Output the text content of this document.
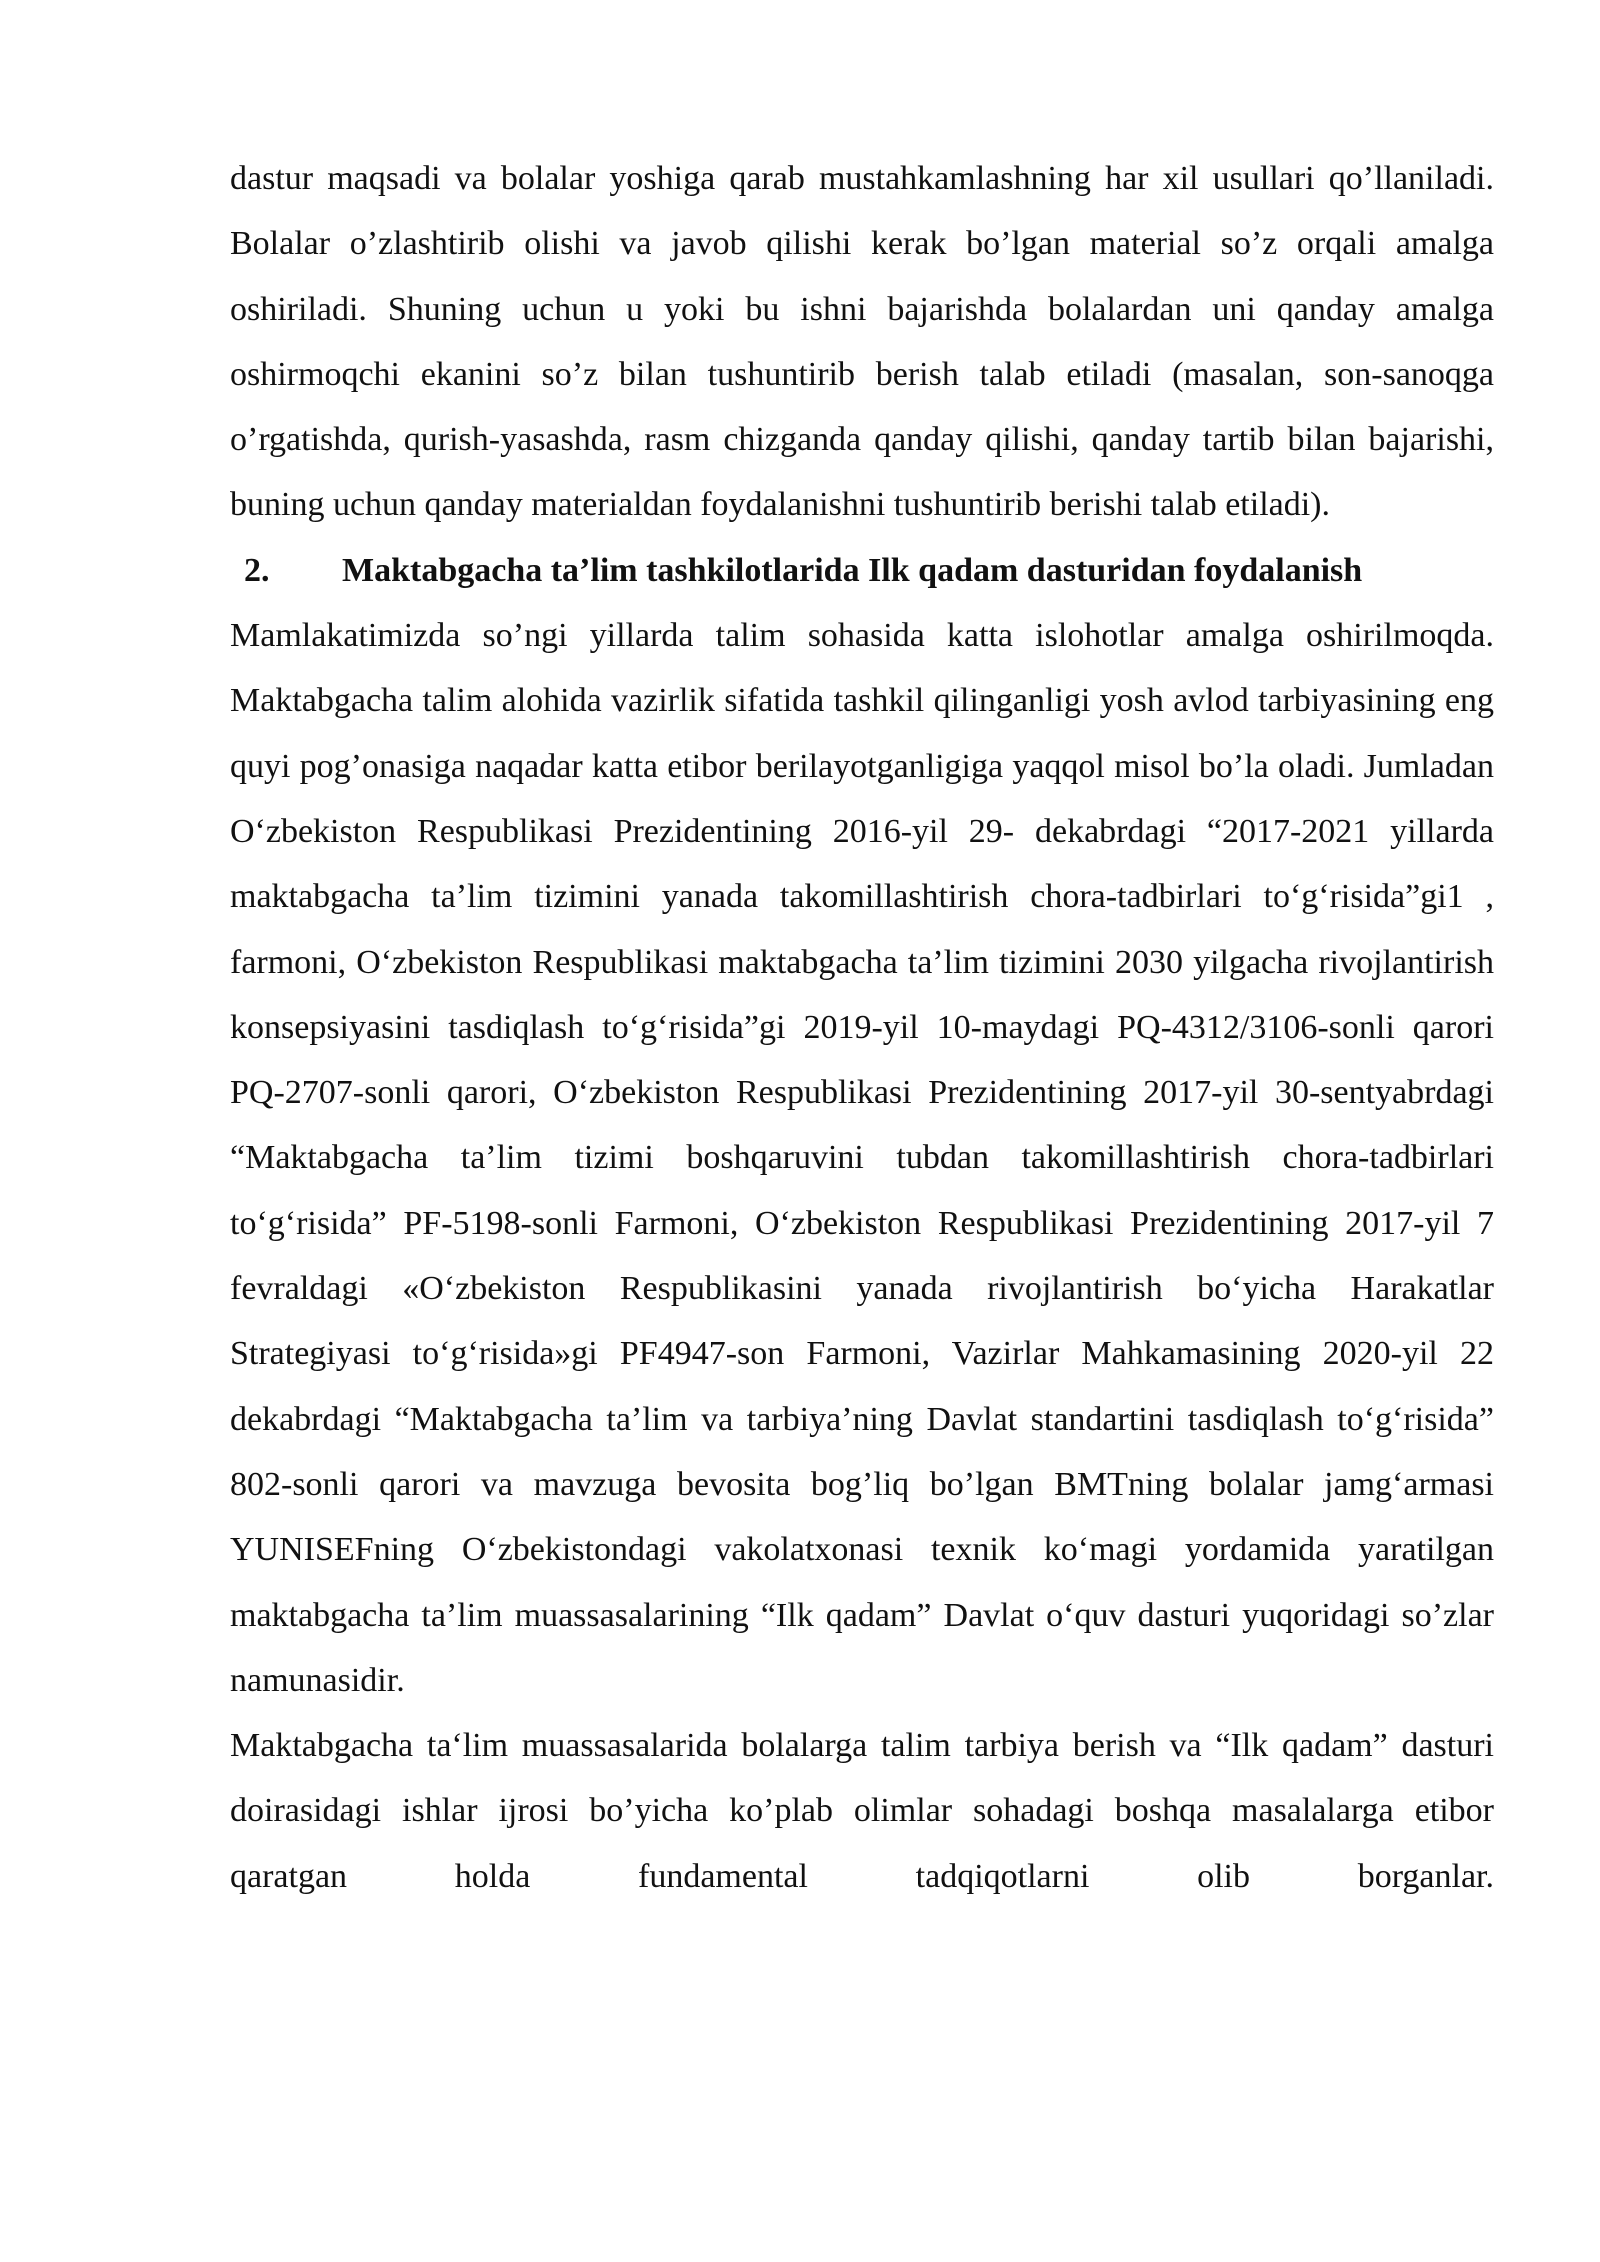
dastur maqsadi va bolalar yoshiga qarab mustahkamlashning har xil usullari qo’llaniladi. Bolalar o’zlashtirib olishi va javob qilishi kerak bo’lgan material so’z orqali amalga oshiriladi. Shuning uchun u yoki bu ishni bajarishda bolalardan uni qanday amalga oshirmoqchi ekanini so’z bilan tushuntirib berish talab etiladi (masalan, son-sanoqga o’rgatishda, qurish-yasashda, rasm chizganda qanday qilishi, qanday tartib bilan bajarishi, buning uchun qanday materialdan foydalanishni tushuntirib berishi talab etiladi).

2.	Maktabgacha ta’lim tashkilotlarida Ilk qadam dasturidan foydalanish

Mamlakatimizda so’ngi yillarda talim sohasida katta islohotlar amalga oshirilmoqda. Maktabgacha talim alohida vazirlik sifatida tashkil qilinganligi yosh avlod tarbiyasining eng quyi pog’onasiga naqadar katta etibor berilayotganligiga yaqqol misol bo’la oladi. Jumladan O‘zbekiston Respublikasi Prezidentining 2016-yil 29- dekabrdagi “2017-2021 yillarda maktabgacha ta’lim tizimini yanada takomillashtirish chora-tadbirlari to‘g‘risida”gi1 , farmoni, O‘zbekiston Respublikasi maktabgacha ta’lim tizimini 2030 yilgacha rivojlantirish konsepsiyasini tasdiqlash to‘g‘risida”gi 2019-yil 10-maydagi PQ-4312/3106-sonli qarori PQ-2707-sonli qarori, O‘zbekiston Respublikasi Prezidentining 2017-yil 30-sentyabrdagi “Maktabgacha ta’lim tizimi boshqaruvini tubdan takomillashtirish chora-tadbirlari to‘g‘risida” PF-5198-sonli Farmoni, O‘zbekiston Respublikasi Prezidentining 2017-yil 7 fevraldagi «O‘zbekiston Respublikasini yanada rivojlantirish bo‘yicha Harakatlar Strategiyasi to‘g‘risida»gi PF4947-son Farmoni, Vazirlar Mahkamasining 2020-yil 22 dekabrdagi “Maktabgacha ta’lim va tarbiya’ning Davlat standartini tasdiqlash to‘g‘risida” 802-sonli qarori va mavzuga bevosita bog’liq bo’lgan BMTning bolalar jamg‘armasi YUNISEFning O‘zbekistondagi vakolatxonasi texnik ko‘magi yordamida yaratilgan maktabgacha ta’lim muassasalarining “Ilk qadam” Davlat o‘quv dasturi yuqoridagi so’zlar namunasidir.

Maktabgacha ta‘lim muassasalarida bolalarga talim tarbiya berish va “Ilk qadam” dasturi doirasidagi ishlar ijrosi bo’yicha ko’plab olimlar sohadagi boshqa masalalarga etibor qaratgan holda fundamental tadqiqotlarni olib borganlar.
